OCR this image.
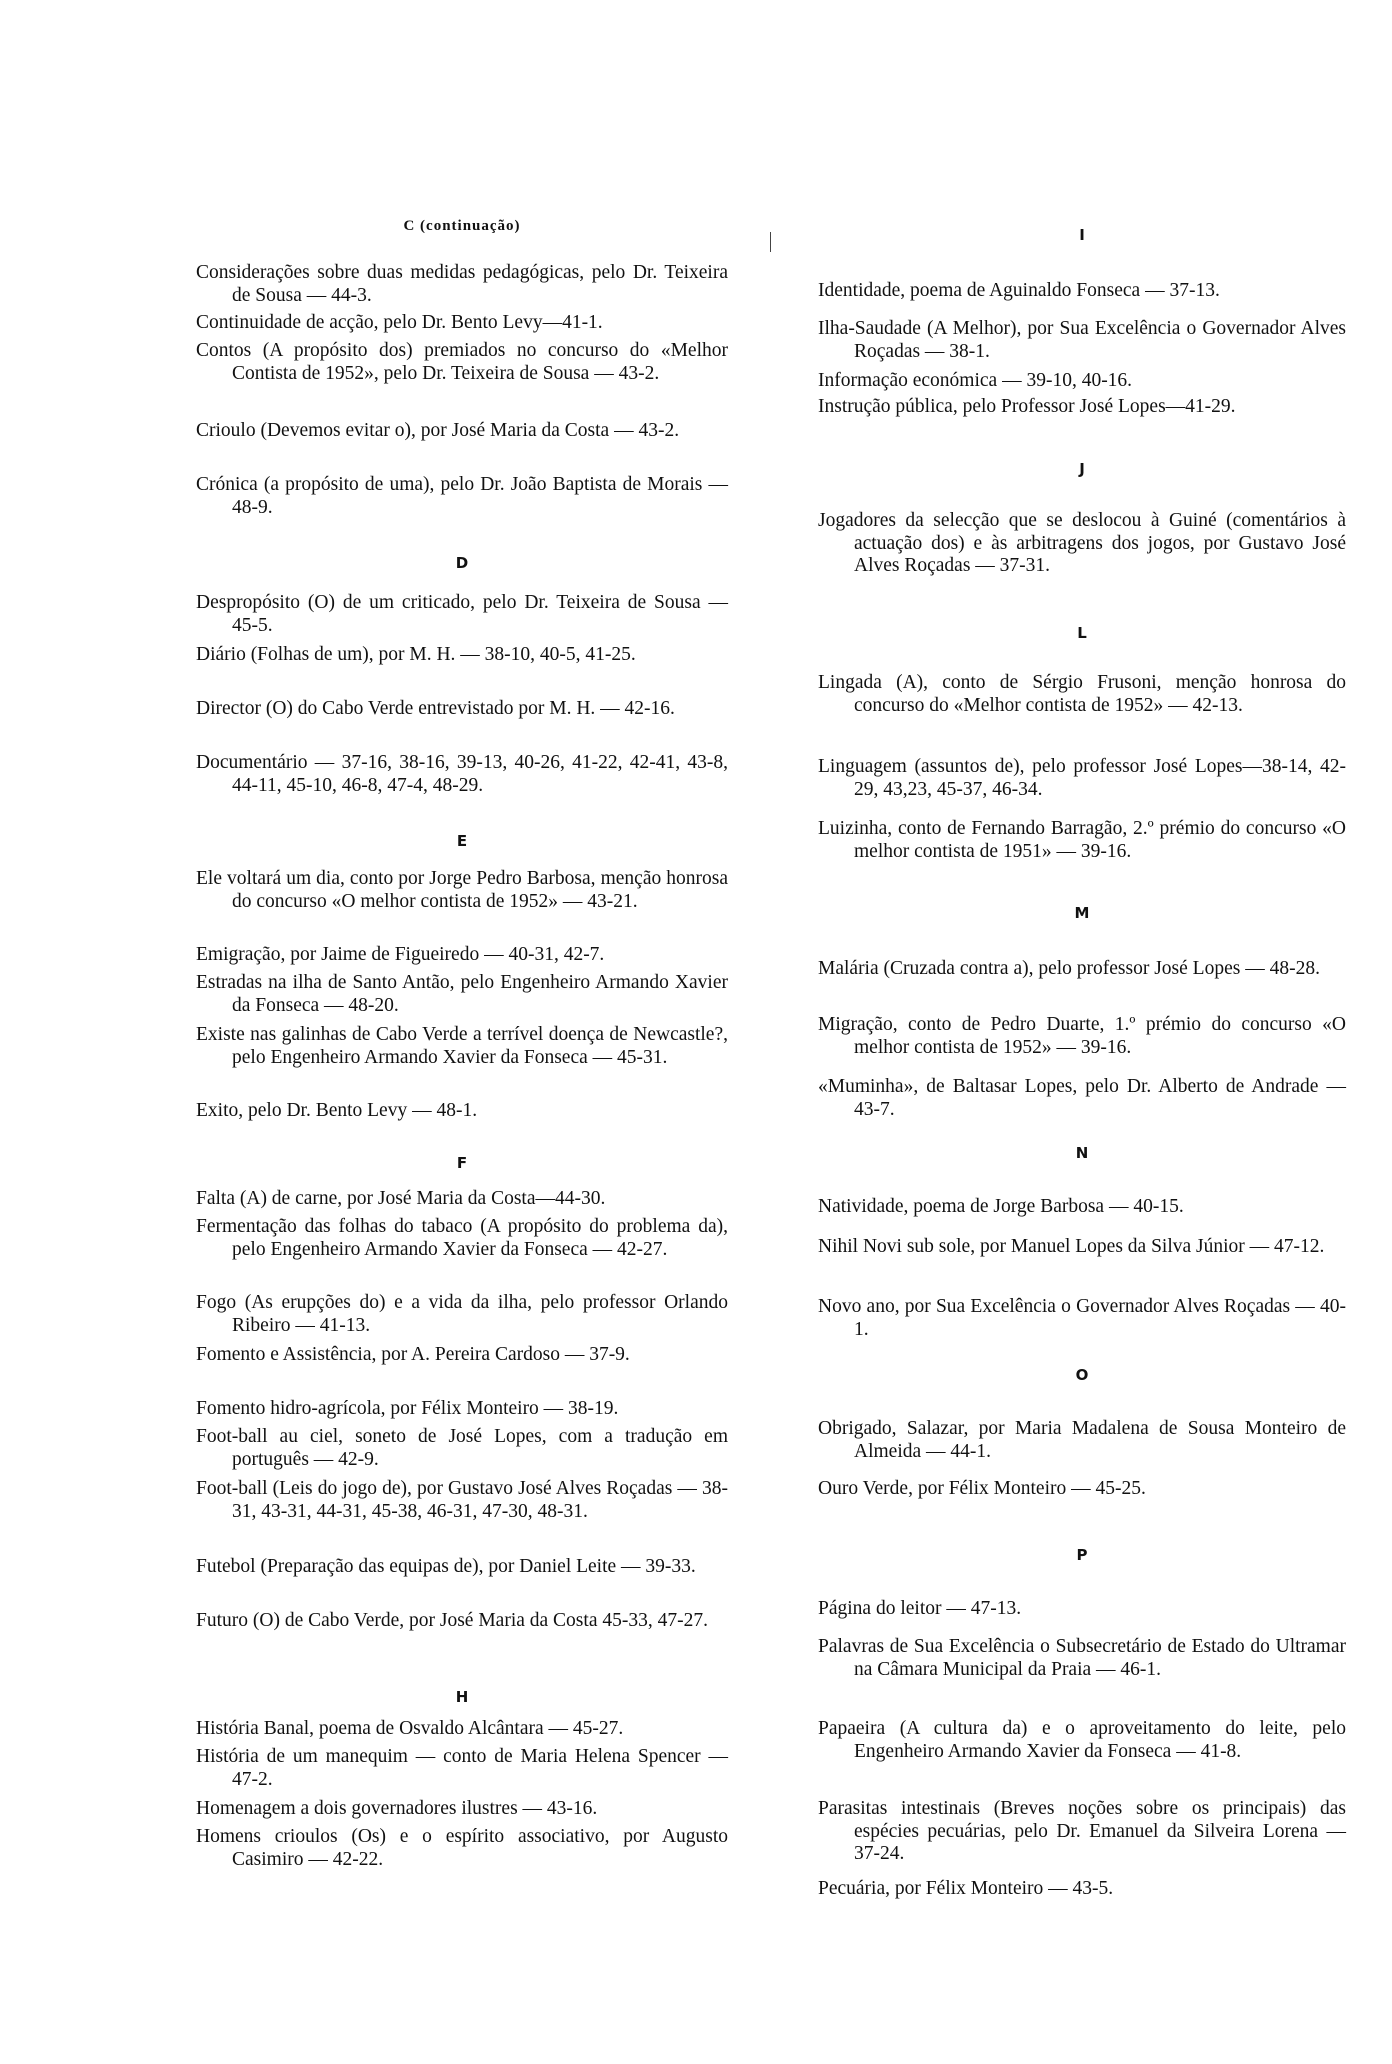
C (continuação)
Considerações sobre duas medidas pedagógicas, pelo Dr. Teixeira de Sousa — 44-3.
Continuidade de acção, pelo Dr. Bento Levy—41-1.
Contos (A propósito dos) premiados no concurso do «Melhor Contista de 1952», pelo Dr. Teixeira de Sousa — 43-2.
Crioulo (Devemos evitar o), por José Maria da Costa — 43-2.
Crónica (a propósito de uma), pelo Dr. João Baptista de Morais — 48-9.
D
Despropósito (O) de um criticado, pelo Dr. Teixeira de Sousa — 45-5.
Diário (Folhas de um), por M. H. — 38-10, 40-5, 41-25.
Director (O) do Cabo Verde entrevistado por M. H. — 42-16.
Documentário — 37-16, 38-16, 39-13, 40-26, 41-22, 42-41, 43-8, 44-11, 45-10, 46-8, 47-4, 48-29.
E
Ele voltará um dia, conto por Jorge Pedro Barbosa, menção honrosa do concurso «O melhor contista de 1952» — 43-21.
Emigração, por Jaime de Figueiredo — 40-31, 42-7.
Estradas na ilha de Santo Antão, pelo Engenheiro Armando Xavier da Fonseca — 48-20.
Existe nas galinhas de Cabo Verde a terrível doença de Newcastle?, pelo Engenheiro Armando Xavier da Fonseca — 45-31.
Exito, pelo Dr. Bento Levy — 48-1.
F
Falta (A) de carne, por José Maria da Costa—44-30.
Fermentação das folhas do tabaco (A propósito do problema da), pelo Engenheiro Armando Xavier da Fonseca — 42-27.
Fogo (As erupções do) e a vida da ilha, pelo professor Orlando Ribeiro — 41-13.
Fomento e Assistência, por A. Pereira Cardoso — 37-9.
Fomento hidro-agrícola, por Félix Monteiro — 38-19.
Foot-ball au ciel, soneto de José Lopes, com a tradução em português — 42-9.
Foot-ball (Leis do jogo de), por Gustavo José Alves Roçadas — 38-31, 43-31, 44-31, 45-38, 46-31, 47-30, 48-31.
Futebol (Preparação das equipas de), por Daniel Leite — 39-33.
Futuro (O) de Cabo Verde, por José Maria da Costa 45-33, 47-27.
H
História Banal, poema de Osvaldo Alcântara — 45-27.
História de um manequim — conto de Maria Helena Spencer — 47-2.
Homenagem a dois governadores ilustres — 43-16.
Homens crioulos (Os) e o espírito associativo, por Augusto Casimiro — 42-22.
I
Identidade, poema de Aguinaldo Fonseca — 37-13.
Ilha-Saudade (A Melhor), por Sua Excelência o Governador Alves Roçadas — 38-1.
Informação económica — 39-10, 40-16.
Instrução pública, pelo Professor José Lopes—41-29.
J
Jogadores da selecção que se deslocou à Guiné (comentários à actuação dos) e às arbitragens dos jogos, por Gustavo José Alves Roçadas — 37-31.
L
Lingada (A), conto de Sérgio Frusoni, menção honrosa do concurso do «Melhor contista de 1952» — 42-13.
Linguagem (assuntos de), pelo professor José Lopes—38-14, 42-29, 43,23, 45-37, 46-34.
Luizinha, conto de Fernando Barragão, 2.º prémio do concurso «O melhor contista de 1951» — 39-16.
M
Malária (Cruzada contra a), pelo professor José Lopes — 48-28.
Migração, conto de Pedro Duarte, 1.º prémio do concurso «O melhor contista de 1952» — 39-16.
«Muminha», de Baltasar Lopes, pelo Dr. Alberto de Andrade — 43-7.
N
Natividade, poema de Jorge Barbosa — 40-15.
Nihil Novi sub sole, por Manuel Lopes da Silva Júnior — 47-12.
Novo ano, por Sua Excelência o Governador Alves Roçadas — 40-1.
O
Obrigado, Salazar, por Maria Madalena de Sousa Monteiro de Almeida — 44-1.
Ouro Verde, por Félix Monteiro — 45-25.
P
Página do leitor — 47-13.
Palavras de Sua Excelência o Subsecretário de Estado do Ultramar na Câmara Municipal da Praia — 46-1.
Papaeira (A cultura da) e o aproveitamento do leite, pelo Engenheiro Armando Xavier da Fonseca — 41-8.
Parasitas intestinais (Breves noções sobre os principais) das espécies pecuárias, pelo Dr. Emanuel da Silveira Lorena — 37-24.
Pecuária, por Félix Monteiro — 43-5.
